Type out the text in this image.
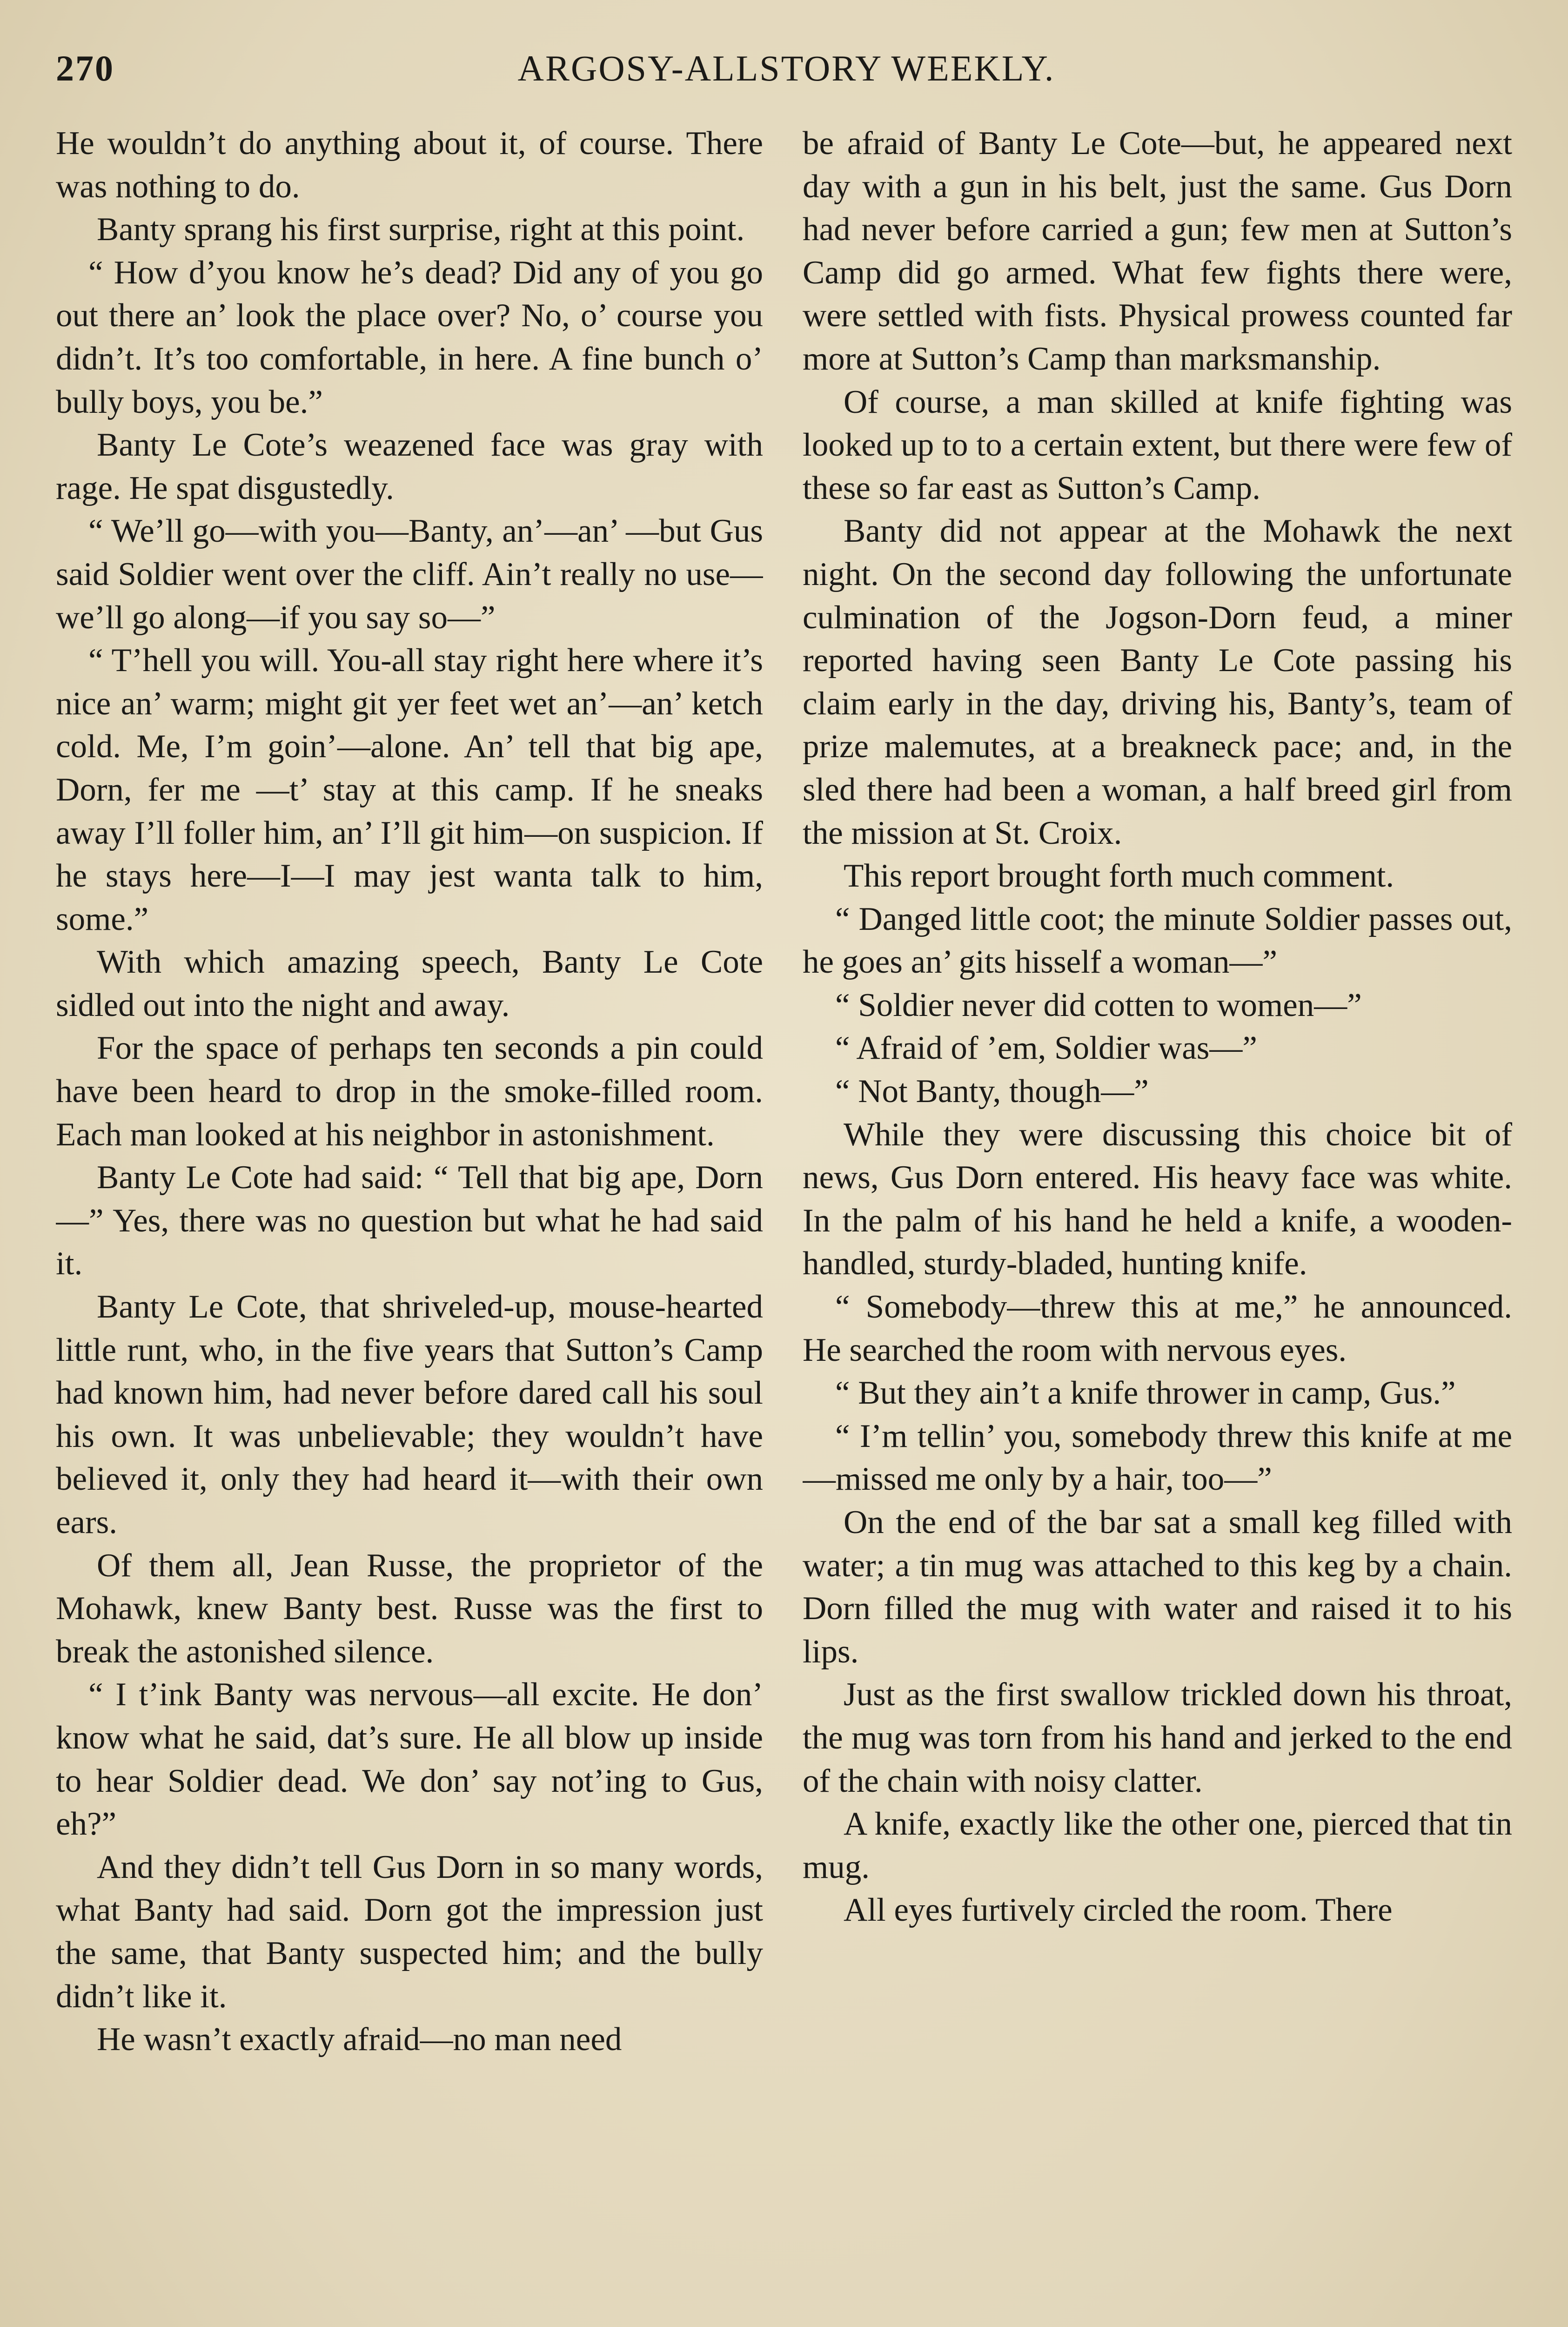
270	ARGOSY-ALLSTORY WEEKLY.

He wouldn’t do anything about it, of course. There was nothing to do.

Banty sprang his first surprise, right at this point.

“ How d’you know he’s dead? Did any of you go out there an’ look the place over? No, o’ course you didn’t. It’s too comfortable, in here. A fine bunch o’ bully boys, you be.”

Banty Le Cote’s weazened face was gray with rage. He spat disgustedly.

“ We’ll go—with you—Banty, an’—an’ —but Gus said Soldier went over the cliff. Ain’t really no use—we’ll go along—if you say so—”

“ T’hell you will. You-all stay right here where it’s nice an’ warm; might git yer feet wet an’—an’ ketch cold. Me, I’m goin’—alone. An’ tell that big ape, Dorn, fer me —t’ stay at this camp. If he sneaks away I’ll foller him, an’ I’ll git him—on suspicion. If he stays here—I—I may jest wanta talk to him, some.”

With which amazing speech, Banty Le Cote sidled out into the night and away.

For the space of perhaps ten seconds a pin could have been heard to drop in the smoke-filled room. Each man looked at his neighbor in astonishment.

Banty Le Cote had said: “ Tell that big ape, Dorn—” Yes, there was no question but what he had said it.

Banty Le Cote, that shriveled-up, mouse-hearted little runt, who, in the five years that Sutton’s Camp had known him, had never before dared call his soul his own. It was unbelievable; they wouldn’t have believed it, only they had heard it—with their own ears.

Of them all, Jean Russe, the proprietor of the Mohawk, knew Banty best. Russe was the first to break the astonished silence.

“ I t’ink Banty was nervous—all excite. He don’ know what he said, dat’s sure. He all blow up inside to hear Soldier dead. We don’ say not’ing to Gus, eh?”

And they didn’t tell Gus Dorn in so many words, what Banty had said. Dorn got the impression just the same, that Banty suspected him; and the bully didn’t like it.

He wasn’t exactly afraid—no man need

be afraid of Banty Le Cote—but, he appeared next day with a gun in his belt, just the same. Gus Dorn had never before carried a gun; few men at Sutton’s Camp did go armed. What few fights there were, were settled with fists. Physical prowess counted far more at Sutton’s Camp than marksmanship.

Of course, a man skilled at knife fighting was looked up to to a certain extent, but there were few of these so far east as Sutton’s Camp.

Banty did not appear at the Mohawk the next night. On the second day following the unfortunate culmination of the Jogson-Dorn feud, a miner reported having seen Banty Le Cote passing his claim early in the day, driving his, Banty’s, team of prize malemutes, at a breakneck pace; and, in the sled there had been a woman, a half breed girl from the mission at St. Croix.

This report brought forth much comment.

“ Danged little coot; the minute Soldier passes out, he goes an’ gits hisself a woman—”

“ Soldier never did cotten to women—”

“ Afraid of ’em, Soldier was—”

“ Not Banty, though—”

While they were discussing this choice bit of news, Gus Dorn entered. His heavy face was white. In the palm of his hand he held a knife, a wooden-handled, sturdy-bladed, hunting knife.

“ Somebody—threw this at me,” he announced. He searched the room with nervous eyes.

“ But they ain’t a knife thrower in camp, Gus.”

“ I’m tellin’ you, somebody threw this knife at me—missed me only by a hair, too—”

On the end of the bar sat a small keg filled with water; a tin mug was attached to this keg by a chain. Dorn filled the mug with water and raised it to his lips.

Just as the first swallow trickled down his throat, the mug was torn from his hand and jerked to the end of the chain with noisy clatter.

A knife, exactly like the other one, pierced that tin mug.

All eyes furtively circled the room. There
